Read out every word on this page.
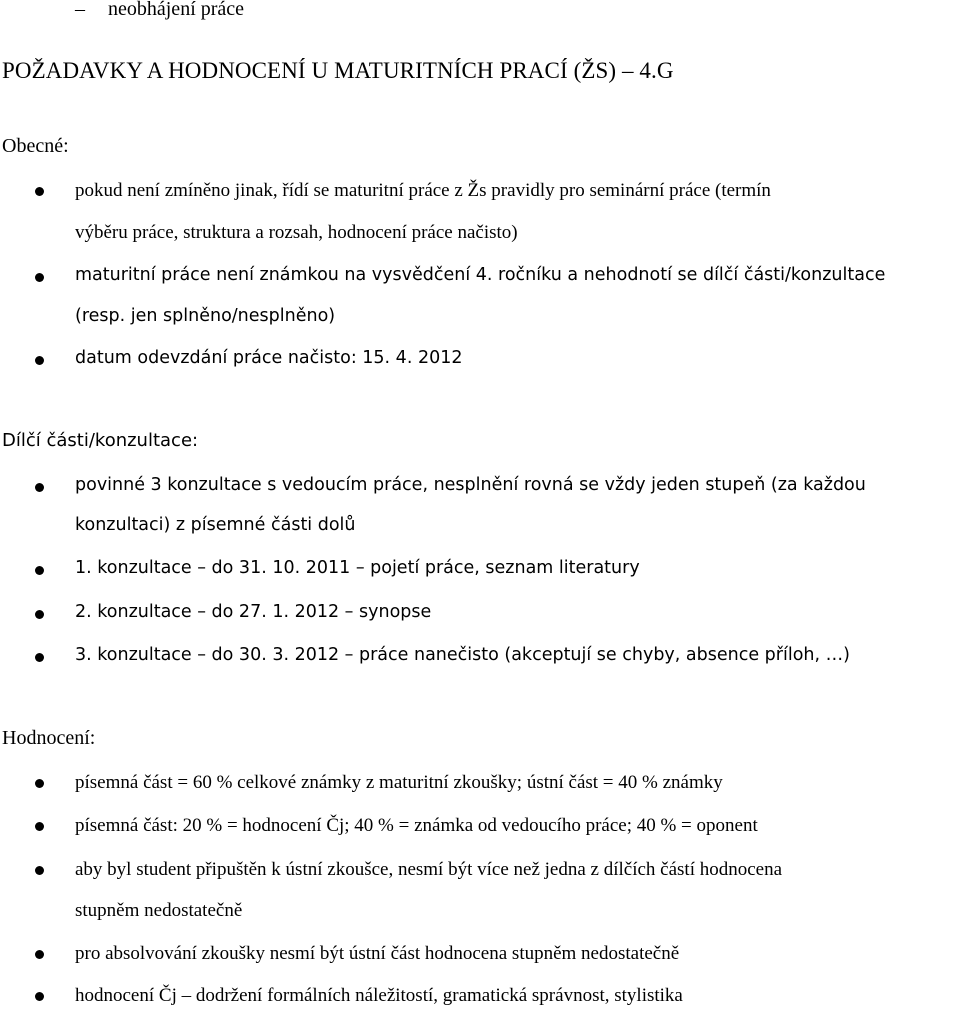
– neobhájení práce
POŽADAVKY A HODNOCENÍ U MATURITNÍCH PRACÍ (ŽS) – 4.G
Obecné:
pokud není zmíněno jinak, řídí se maturitní práce z Žs pravidly pro seminární práce (termín
výběru práce, struktura a rozsah, hodnocení práce načisto)
maturitní práce není známkou na vysvědčení 4. ročníku a nehodnotí se dílčí části/konzultace
(resp. jen splněno/nesplněno)
datum odevzdání práce načisto: 15. 4. 2012
Dílčí části/konzultace:
povinné 3 konzultace s vedoucím práce, nesplnění rovná se vždy jeden stupeň (za každou
konzultaci) z písemné části dolů
1. konzultace – do 31. 10. 2011 – pojetí práce, seznam literatury
2. konzultace – do 27. 1. 2012 – synopse
3. konzultace – do 30. 3. 2012 – práce nanečisto (akceptují se chyby, absence příloh, …)
Hodnocení:
písemná část = 60 % celkové známky z maturitní zkoušky; ústní část = 40 % známky
písemná část: 20 % = hodnocení Čj; 40 % = známka od vedoucího práce; 40 % = oponent
aby byl student připuštěn k ústní zkoušce, nesmí být více než jedna z dílčích částí hodnocena
stupněm nedostatečně
pro absolvování zkoušky nesmí být ústní část hodnocena stupněm nedostatečně
hodnocení Čj – dodržení formálních náležitostí, gramatická správnost, stylistika
